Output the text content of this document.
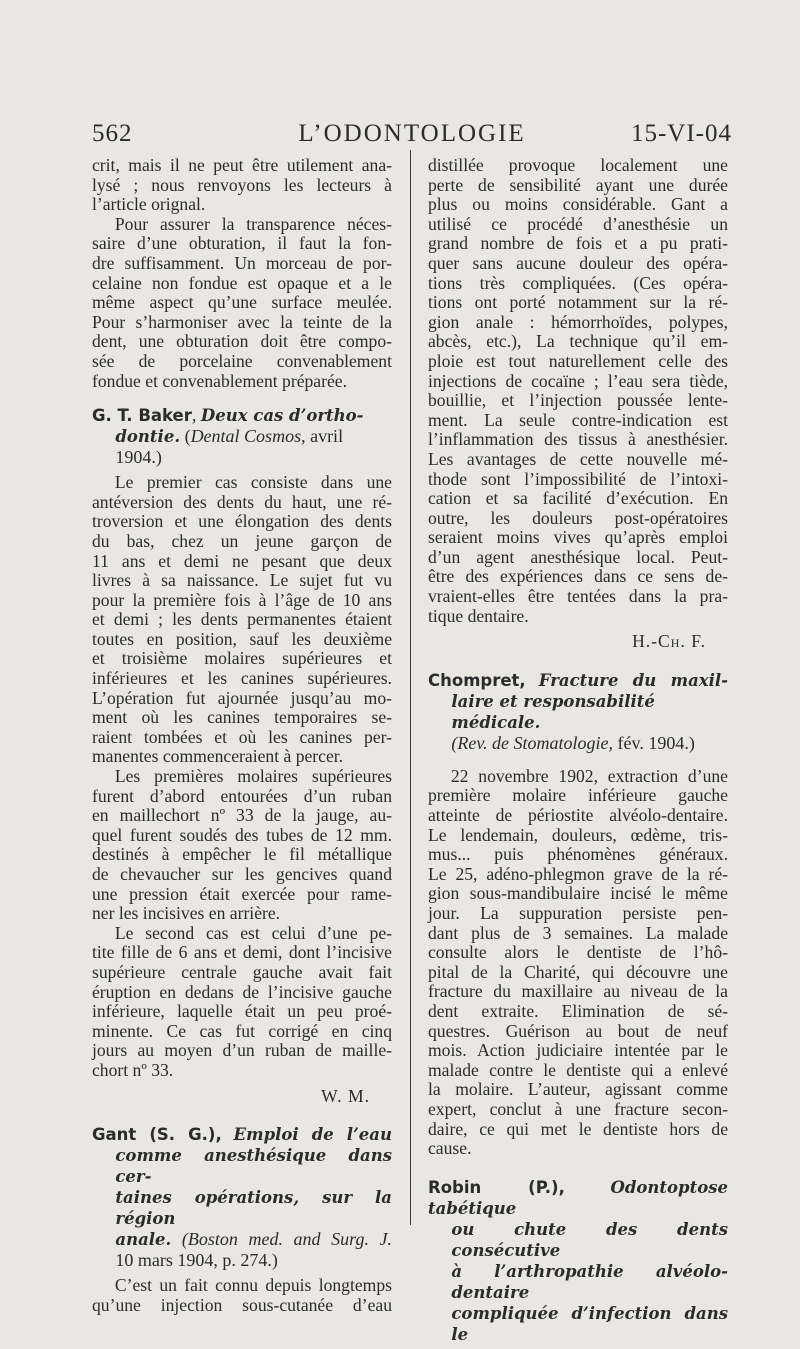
562	L’ODONTOLOGIE	15-VI-04
crit, mais il ne peut être utilement ana-
lysé ; nous renvoyons les lecteurs à
l’article orignal.
Pour assurer la transparence néces-
saire d’une obturation, il faut la fon-
dre suffisamment. Un morceau de por-
celaine non fondue est opaque et a le
même aspect qu’une surface meulée.
Pour s’harmoniser avec la teinte de la
dent, une obturation doit être compo-
sée de porcelaine convenablement
fondue et convenablement préparée.
G. T. Baker, Deux cas d’ortho-
dontie. (Dental Cosmos, avril 1904.)
Le premier cas consiste dans une
antéversion des dents du haut, une ré-
troversion et une élongation des dents
du bas, chez un jeune garçon de
11 ans et demi ne pesant que deux
livres à sa naissance. Le sujet fut vu
pour la première fois à l’âge de 10 ans
et demi ; les dents permanentes étaient
toutes en position, sauf les deuxième
et troisième molaires supérieures et
inférieures et les canines supérieures.
L’opération fut ajournée jusqu’au mo-
ment où les canines temporaires se-
raient tombées et où les canines per-
manentes commenceraient à percer.
Les premières molaires supérieures
furent d’abord entourées d’un ruban
en maillechort nº 33 de la jauge, au-
quel furent soudés des tubes de 12 mm.
destinés à empêcher le fil métallique
de chevaucher sur les gencives quand
une pression était exercée pour rame-
ner les incisives en arrière.
Le second cas est celui d’une pe-
tite fille de 6 ans et demi, dont l’incisive
supérieure centrale gauche avait fait
éruption en dedans de l’incisive gauche
inférieure, laquelle était un peu proé-
minente. Ce cas fut corrigé en cinq
jours au moyen d’un ruban de maille-
chort nº 33.
W. M.
Gant (S. G.), Emploi de l’eau
comme anesthésique dans cer-
taines opérations, sur la région
anale. (Boston med. and Surg. J.
10 mars 1904, p. 274.)
C’est un fait connu depuis longtemps
qu’une injection sous-cutanée d’eau
distillée provoque localement une
perte de sensibilité ayant une durée
plus ou moins considérable. Gant a
utilisé ce procédé d’anesthésie un
grand nombre de fois et a pu prati-
quer sans aucune douleur des opéra-
tions très compliquées. (Ces opéra-
tions ont porté notamment sur la ré-
gion anale : hémorrhoïdes, polypes,
abcès, etc.), La technique qu’il em-
ploie est tout naturellement celle des
injections de cocaïne ; l’eau sera tiède,
bouillie, et l’injection poussée lente-
ment. La seule contre-indication est
l’inflammation des tissus à anesthésier.
Les avantages de cette nouvelle mé-
thode sont l’impossibilité de l’intoxi-
cation et sa facilité d’exécution. En
outre, les douleurs post-opératoires
seraient moins vives qu’après emploi
d’un agent anesthésique local. Peut-
être des expériences dans ce sens de-
vraient-elles être tentées dans la pra-
tique dentaire.
H.-Ch. F.
Chompret, Fracture du maxil-
laire et responsabilité médicale.
(Rev. de Stomatologie, fév. 1904.)
22 novembre 1902, extraction d’une
première molaire inférieure gauche
atteinte de périostite alvéolo-dentaire.
Le lendemain, douleurs, œdème, tris-
mus... puis phénomènes généraux.
Le 25, adéno-phlegmon grave de la ré-
gion sous-mandibulaire incisé le même
jour. La suppuration persiste pen-
dant plus de 3 semaines. La malade
consulte alors le dentiste de l’hô-
pital de la Charité, qui découvre une
fracture du maxillaire au niveau de la
dent extraite. Elimination de sé-
questres. Guérison au bout de neuf
mois. Action judiciaire intentée par le
malade contre le dentiste qui a enlevé
la molaire. L’auteur, agissant comme
expert, conclut à une fracture secon-
daire, ce qui met le dentiste hors de
cause.
Robin (P.),	Odontoptose tabétique
ou chute des dents consécutive
à l’arthropathie alvéolo-dentaire
compliquée d’infection dans le
